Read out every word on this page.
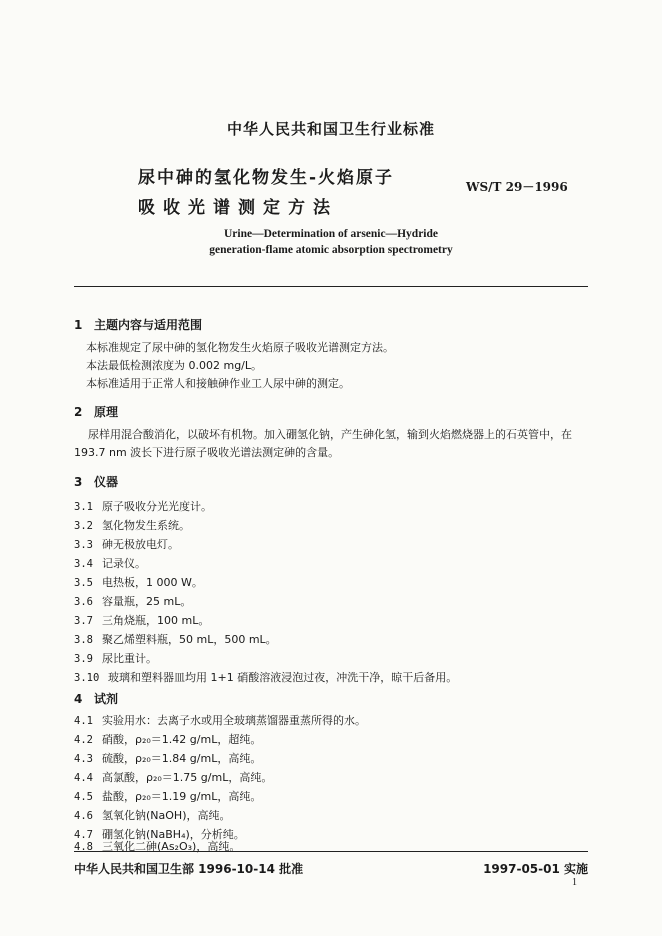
中华人民共和国卫生行业标准
尿中砷的氢化物发生-火焰原子
吸收光谱测定方法
WS/T 29－1996
Urine—Determination of arsenic—Hydride
generation-flame atomic absorption spectrometry
1 主题内容与适用范围
本标准规定了尿中砷的氢化物发生火焰原子吸收光谱测定方法。
本法最低检测浓度为 0.002 mg/L。
本标准适用于正常人和接触砷作业工人尿中砷的测定。
2 原理
尿样用混合酸消化，以破坏有机物。加入硼氢化钠，产生砷化氢，输到火焰燃烧器上的石英管中，在 193.7 nm 波长下进行原子吸收光谱法测定砷的含量。
3 仪器
3.1 原子吸收分光光度计。
3.2 氢化物发生系统。
3.3 砷无极放电灯。
3.4 记录仪。
3.5 电热板，1 000 W。
3.6 容量瓶，25 mL。
3.7 三角烧瓶，100 mL。
3.8 聚乙烯塑料瓶，50 mL，500 mL。
3.9 尿比重计。
3.10 玻璃和塑料器皿均用 1+1 硝酸溶液浸泡过夜，冲洗干净，晾干后备用。
4 试剂
4.1 实验用水：去离子水或用全玻璃蒸馏器重蒸所得的水。
4.2 硝酸，ρ₂₀＝1.42 g/mL，超纯。
4.3 硫酸，ρ₂₀＝1.84 g/mL，高纯。
4.4 高氯酸，ρ₂₀＝1.75 g/mL，高纯。
4.5 盐酸，ρ₂₀＝1.19 g/mL，高纯。
4.6 氢氧化钠(NaOH)，高纯。
4.7 硼氢化钠(NaBH₄)，分析纯。
4.8 三氧化二砷(As₂O₃)，高纯。
中华人民共和国卫生部 1996-10-14 批准	1997-05-01 实施
1
